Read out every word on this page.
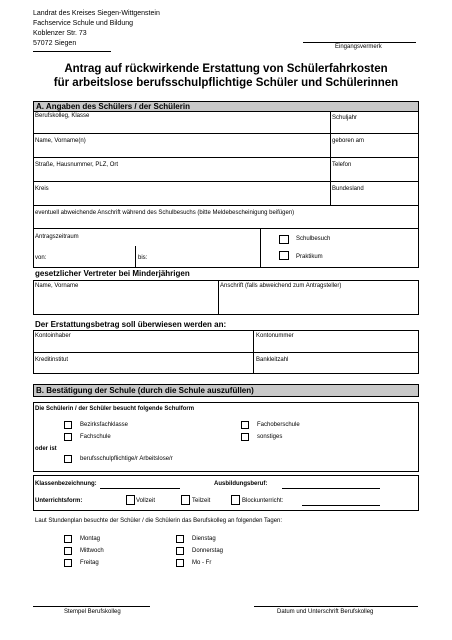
Landrat des Kreises Siegen-Wittgenstein
Fachservice Schule und Bildung
Koblenzer Str. 73
57072 Siegen	Eingangsvermerk
Antrag auf rückwirkende Erstattung von Schülerfahrkosten
für arbeitslose berufsschulpflichtige Schüler und Schülerinnen
A. Angaben des Schülers / der Schülerin
Berufskolleg, Klasse	Schuljahr
Name, Vorname(n)	geboren am
Straße, Hausnummer, PLZ, Ort	Telefon
Kreis	Bundesland
eventuell abweichende Anschrift während des Schulbesuchs (bitte Meldebescheinigung beifügen)
Antragszeitraum
von:	bis:
Schulbesuch
Praktikum
gesetzlicher Vertreter bei Minderjährigen
Name, Vorname	Anschrift (falls abweichend zum Antragsteller)
Der Erstattungsbetrag soll überwiesen werden an:
Kontoinhaber	Kontonummer
Kreditinstitut	Bankleitzahl
B. Bestätigung der Schule (durch die Schule auszufüllen)
Die Schülerin / der Schüler besucht folgende Schulform
Bezirksfachklasse	Fachoberschule
Fachschule	sonstiges
oder ist
berufsschulpflichtige/r Arbeitslose/r
Klassenbezeichnung:	Ausbildungsberuf:
Unterrichtsform:	Vollzeit	Teilzeit	Blockunterricht:
Laut Stundenplan besuchte der Schüler / die Schülerin das Berufskolleg an folgenden Tagen:
Montag	Dienstag
Mittwoch	Donnerstag
Freitag	Mo - Fr
Stempel Berufskolleg	Datum und Unterschrift Berufskolleg
